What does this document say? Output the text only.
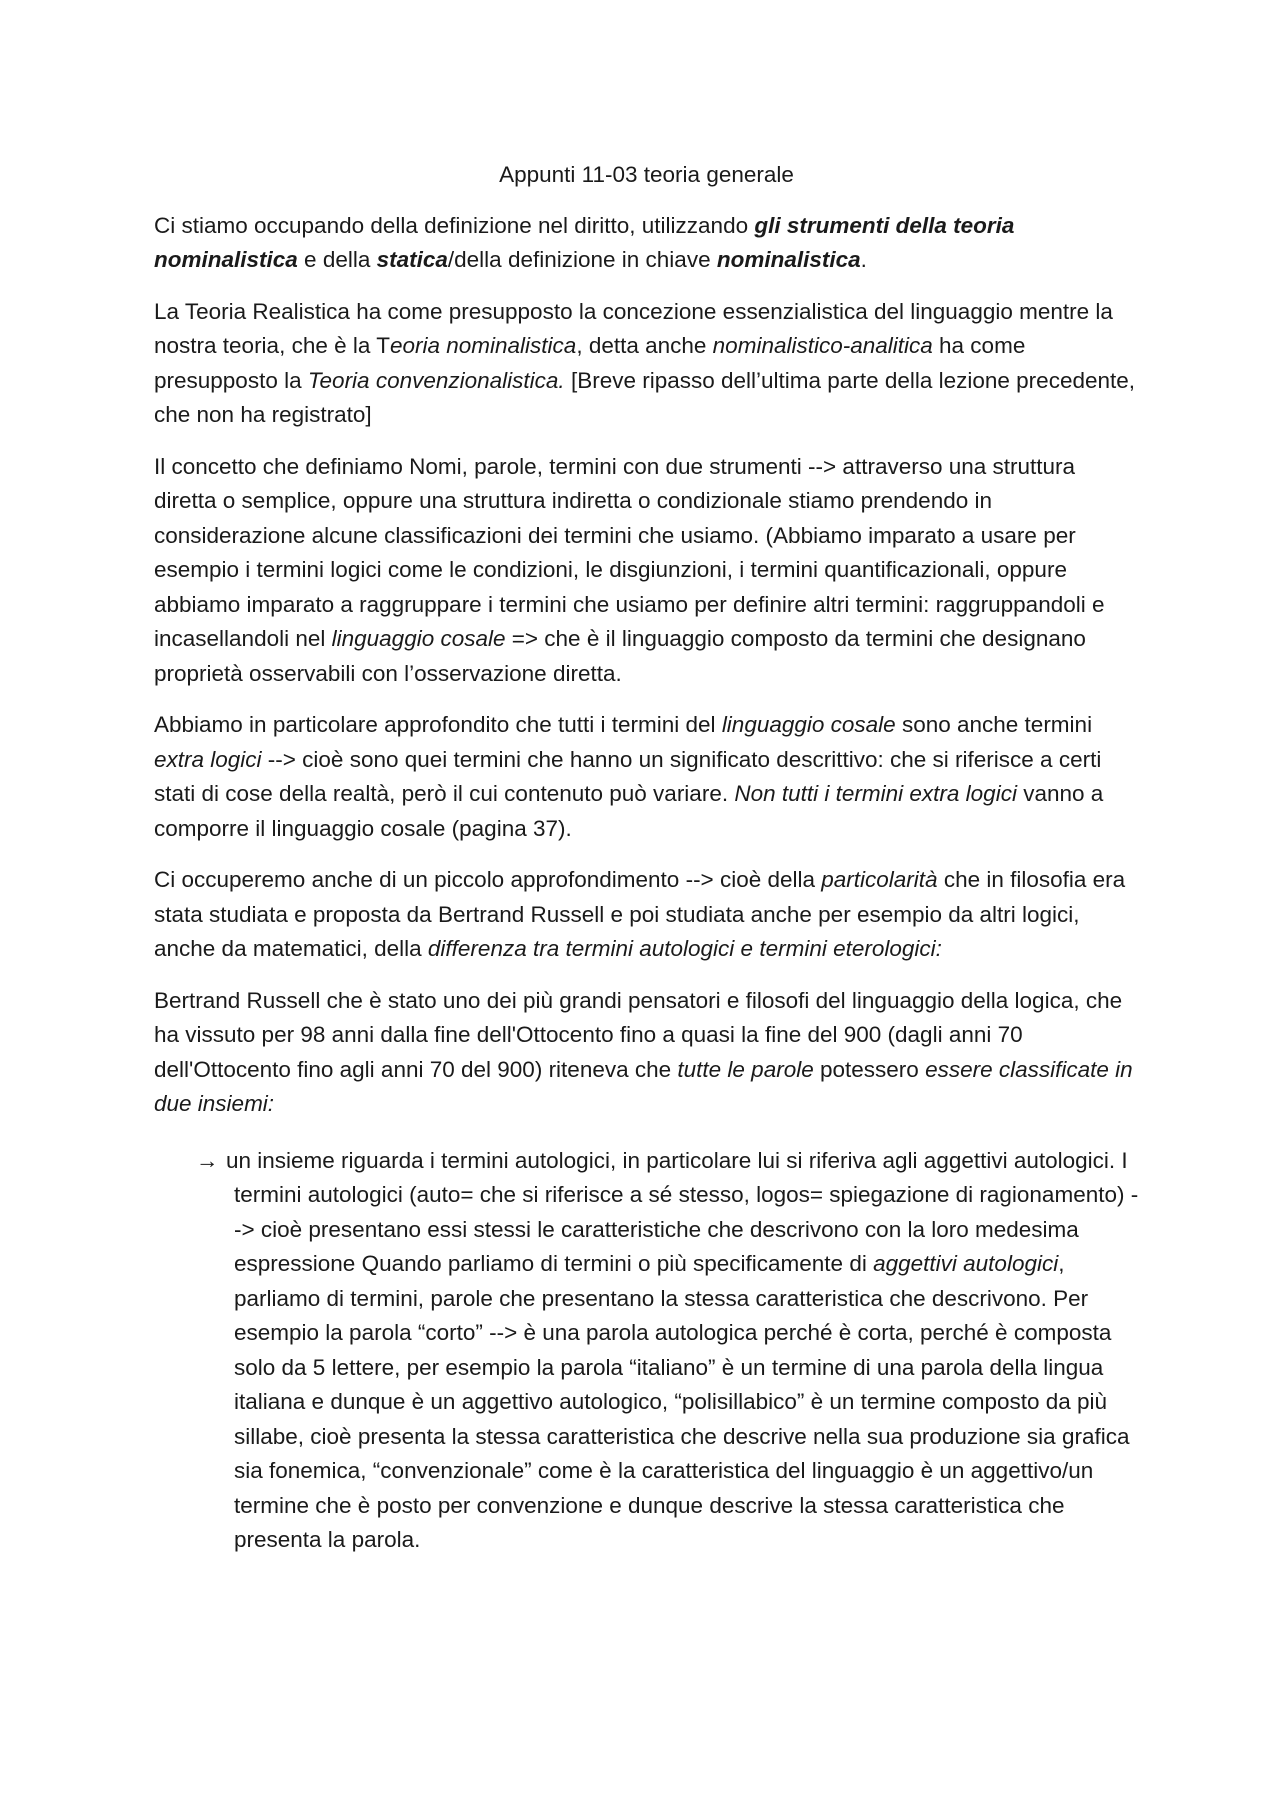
Appunti 11-03 teoria generale
Ci stiamo occupando della definizione nel diritto, utilizzando gli strumenti della teoria nominalistica e della statica/della definizione in chiave nominalistica.
La Teoria Realistica ha come presupposto la concezione essenzialistica del linguaggio mentre la nostra teoria, che è la Teoria nominalistica, detta anche nominalistico-analitica ha come presupposto la Teoria convenzionalistica. [Breve ripasso dell’ultima parte della lezione precedente, che non ha registrato]
Il concetto che definiamo Nomi, parole, termini con due strumenti --> attraverso una struttura diretta o semplice, oppure una struttura indiretta o condizionale stiamo prendendo in considerazione alcune classificazioni dei termini che usiamo. (Abbiamo imparato a usare per esempio i termini logici come le condizioni, le disgiunzioni, i termini quantificazionali, oppure abbiamo imparato a raggruppare i termini che usiamo per definire altri termini: raggruppandoli e incasellandoli nel linguaggio cosale => che è il linguaggio composto da termini che designano proprietà osservabili con l’osservazione diretta.
Abbiamo in particolare approfondito che tutti i termini del linguaggio cosale sono anche termini extra logici --> cioè sono quei termini che hanno un significato descrittivo: che si riferisce a certi stati di cose della realtà, però il cui contenuto può variare. Non tutti i termini extra logici vanno a comporre il linguaggio cosale (pagina 37).
Ci occuperemo anche di un piccolo approfondimento --> cioè della particolarità che in filosofia era stata studiata e proposta da Bertrand Russell e poi studiata anche per esempio da altri logici, anche da matematici, della differenza tra termini autologici e termini eterologici:
Bertrand Russell che è stato uno dei più grandi pensatori e filosofi del linguaggio della logica, che ha vissuto per 98 anni dalla fine dell'Ottocento fino a quasi la fine del 900 (dagli anni 70 dell'Ottocento fino agli anni 70 del 900) riteneva che tutte le parole potessero essere classificate in due insiemi:
→ un insieme riguarda i termini autologici, in particolare lui si riferiva agli aggettivi autologici. I termini autologici (auto= che si riferisce a sé stesso, logos= spiegazione di ragionamento) --> cioè presentano essi stessi le caratteristiche che descrivono con la loro medesima espressione Quando parliamo di termini o più specificamente di aggettivi autologici, parliamo di termini, parole che presentano la stessa caratteristica che descrivono. Per esempio la parola “corto” --> è una parola autologica perché è corta, perché è composta solo da 5 lettere, per esempio la parola “italiano” è un termine di una parola della lingua italiana e dunque è un aggettivo autologico, “polisillabico” è un termine composto da più sillabe, cioè presenta la stessa caratteristica che descrive nella sua produzione sia grafica sia fonemica, “convenzionale” come è la caratteristica del linguaggio è un aggettivo/un termine che è posto per convenzione e dunque descrive la stessa caratteristica che presenta la parola.
